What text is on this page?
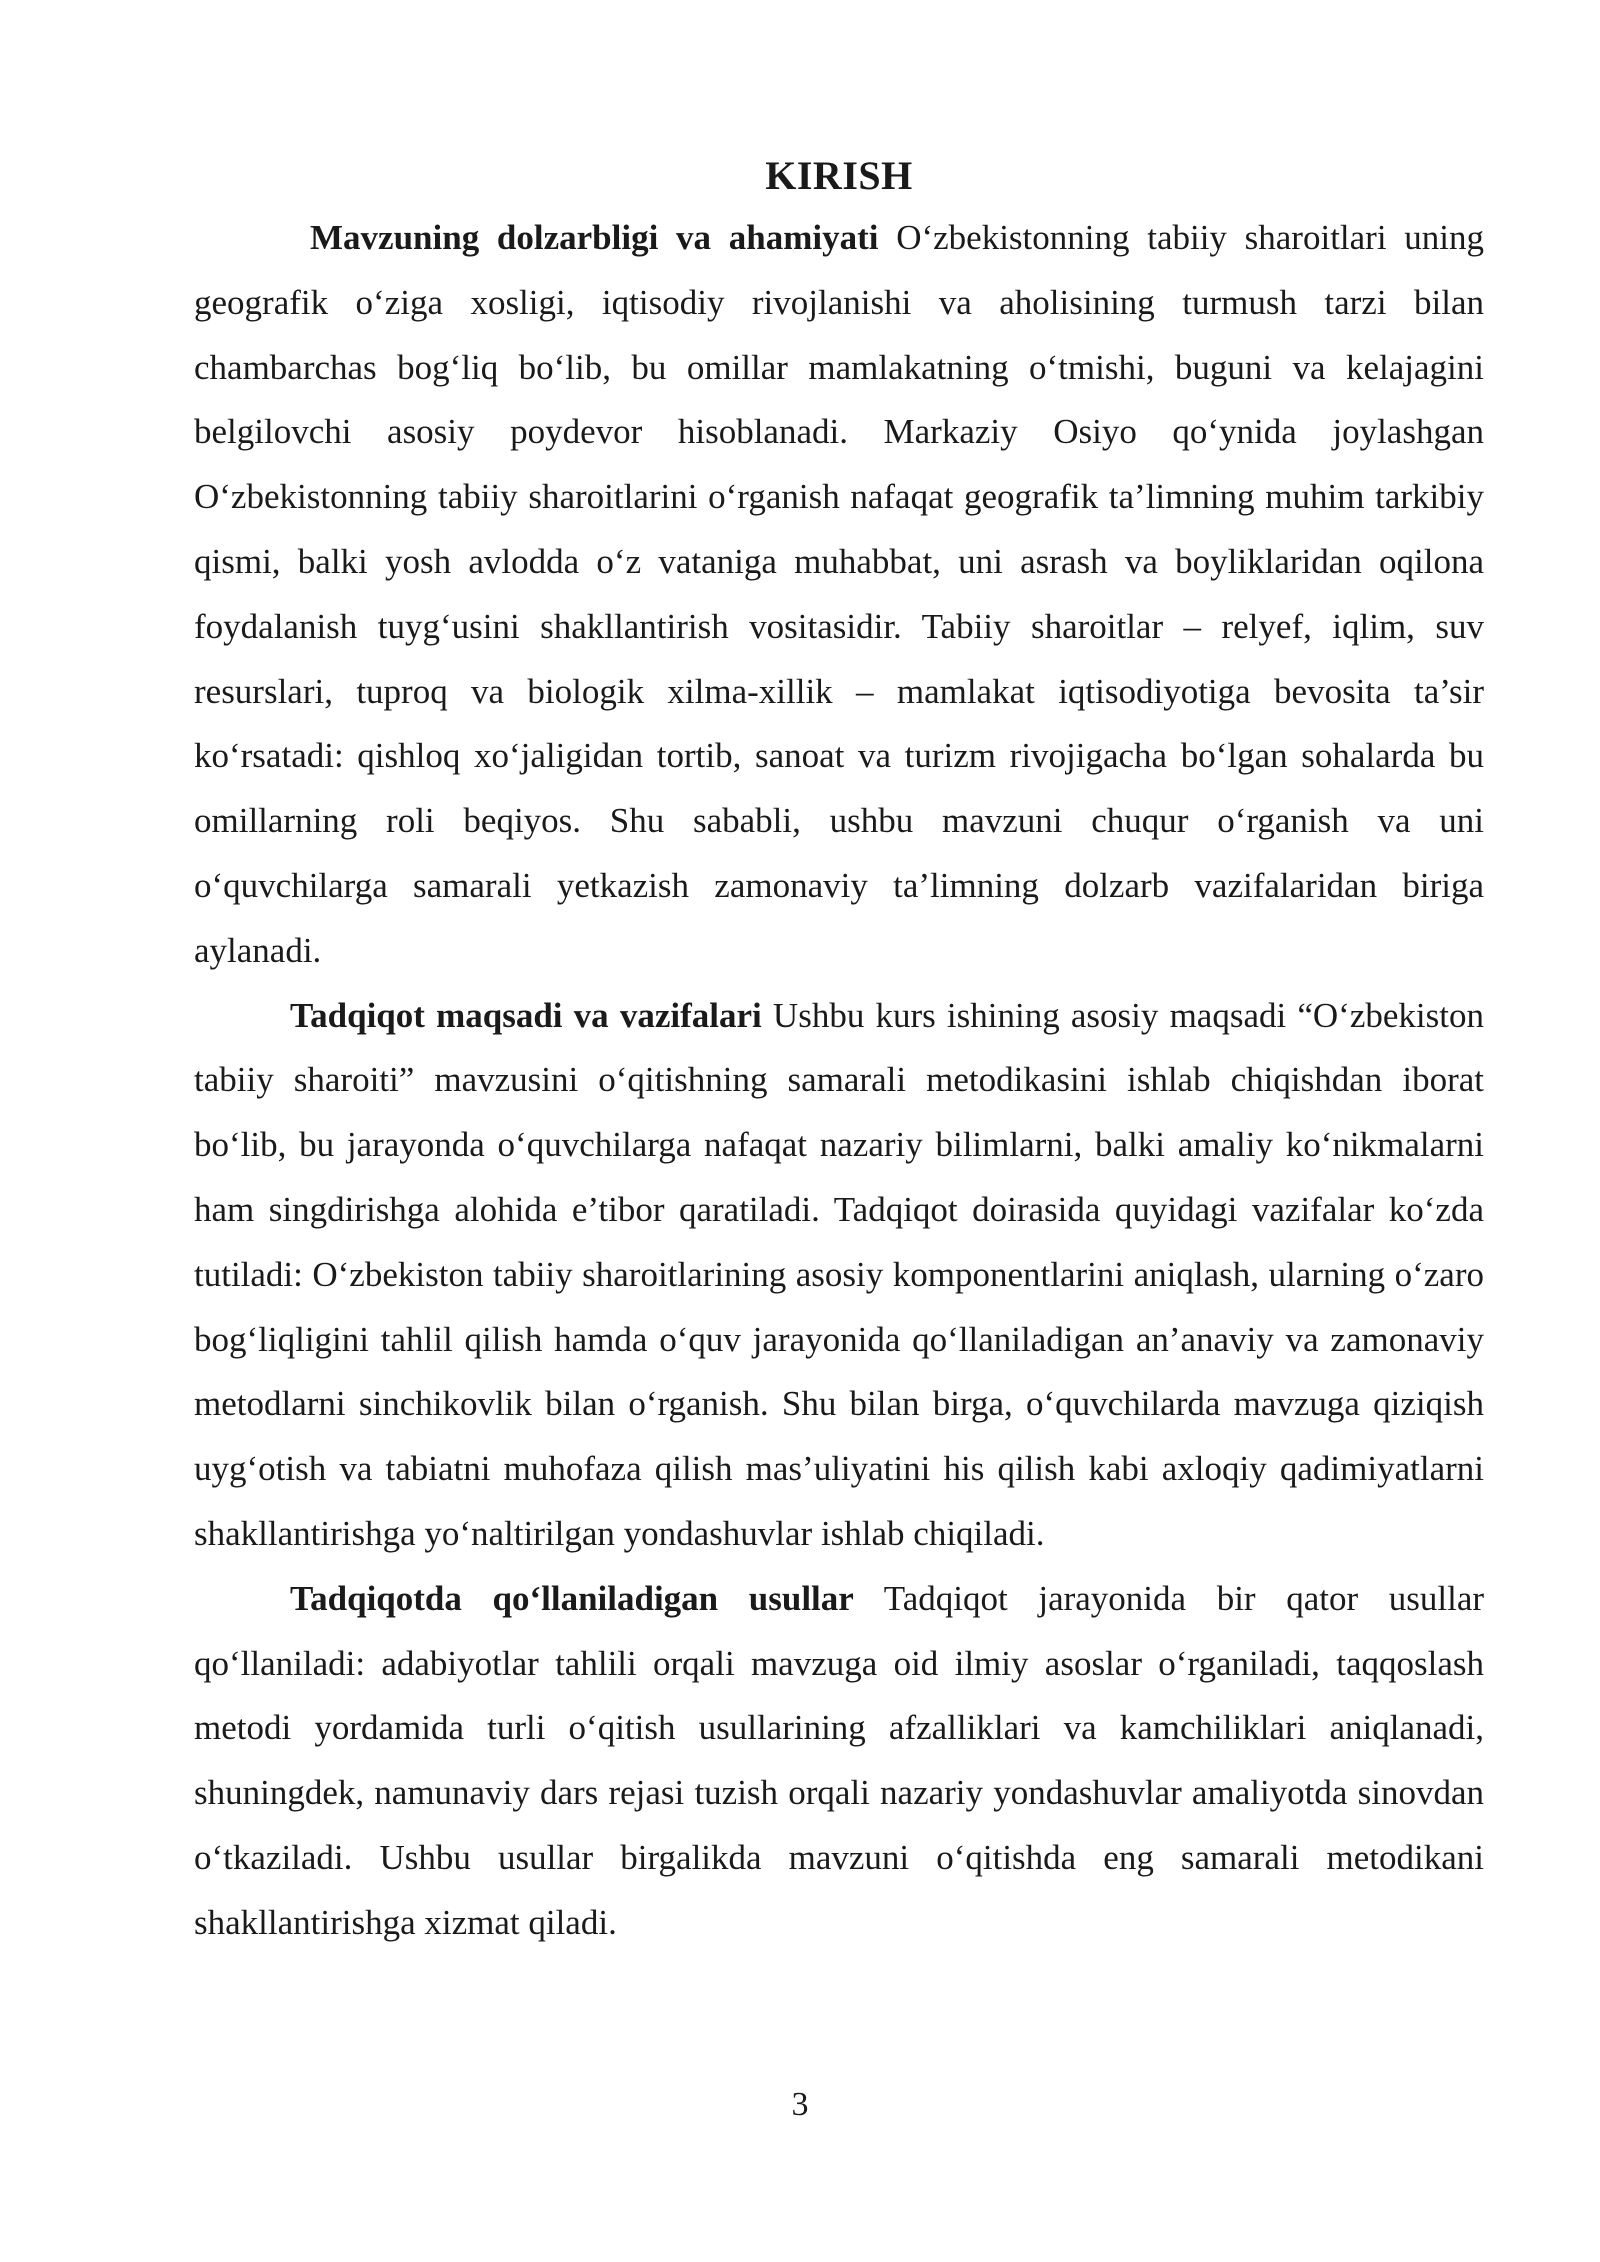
KIRISH

Mavzuning dolzarbligi va ahamiyati O‘zbekistonning tabiiy sharoitlari uning geografik o‘ziga xosligi, iqtisodiy rivojlanishi va aholisining turmush tarzi bilan chambarchas bog‘liq bo‘lib, bu omillar mamlakatning o‘tmishi, buguni va kelajagini belgilovchi asosiy poydevor hisoblanadi. Markaziy Osiyo qo‘ynida joylashgan O‘zbekistonning tabiiy sharoitlarini o‘rganish nafaqat geografik ta’limning muhim tarkibiy qismi, balki yosh avlodda o‘z vataniga muhabbat, uni asrash va boyliklaridan oqilona foydalanish tuyg‘usini shakllantirish vositasidir. Tabiiy sharoitlar – relyef, iqlim, suv resurslari, tuproq va biologik xilma-xillik – mamlakat iqtisodiyotiga bevosita ta’sir ko‘rsatadi: qishloq xo‘jaligidan tortib, sanoat va turizm rivojigacha bo‘lgan sohalarda bu omillarning roli beqiyos. Shu sababli, ushbu mavzuni chuqur o‘rganish va uni o‘quvchilarga samarali yetkazish zamonaviy ta’limning dolzarb vazifalaridan biriga aylanadi.

Tadqiqot maqsadi va vazifalari Ushbu kurs ishining asosiy maqsadi “O‘zbekiston tabiiy sharoiti” mavzusini o‘qitishning samarali metodikasini ishlab chiqishdan iborat bo‘lib, bu jarayonda o‘quvchilarga nafaqat nazariy bilimlarni, balki amaliy ko‘nikmalarni ham singdirishga alohida e’tibor qaratiladi. Tadqiqot doirasida quyidagi vazifalar ko‘zda tutiladi: O‘zbekiston tabiiy sharoitlarining asosiy komponentlarini aniqlash, ularning o‘zaro bog‘liqligini tahlil qilish hamda o‘quv jarayonida qo‘llaniladigan an’anaviy va zamonaviy metodlarni sinchikovlik bilan o‘rganish. Shu bilan birga, o‘quvchilarda mavzuga qiziqish uyg‘otish va tabiatni muhofaza qilish mas’uliyatini his qilish kabi axloqiy qadimiyatlarni shakllantirishga yo‘naltirilgan yondashuvlar ishlab chiqiladi.

Tadqiqotda qo‘llaniladigan usullar Tadqiqot jarayonida bir qator usullar qo‘llaniladi: adabiyotlar tahlili orqali mavzuga oid ilmiy asoslar o‘rganiladi, taqqoslash metodi yordamida turli o‘qitish usullarining afzalliklari va kamchiliklari aniqlanadi, shuningdek, namunaviy dars rejasi tuzish orqali nazariy yondashuvlar amaliyotda sinovdan o‘tkaziladi. Ushbu usullar birgalikda mavzuni o‘qitishda eng samarali metodikani shakllantirishga xizmat qiladi.

3
